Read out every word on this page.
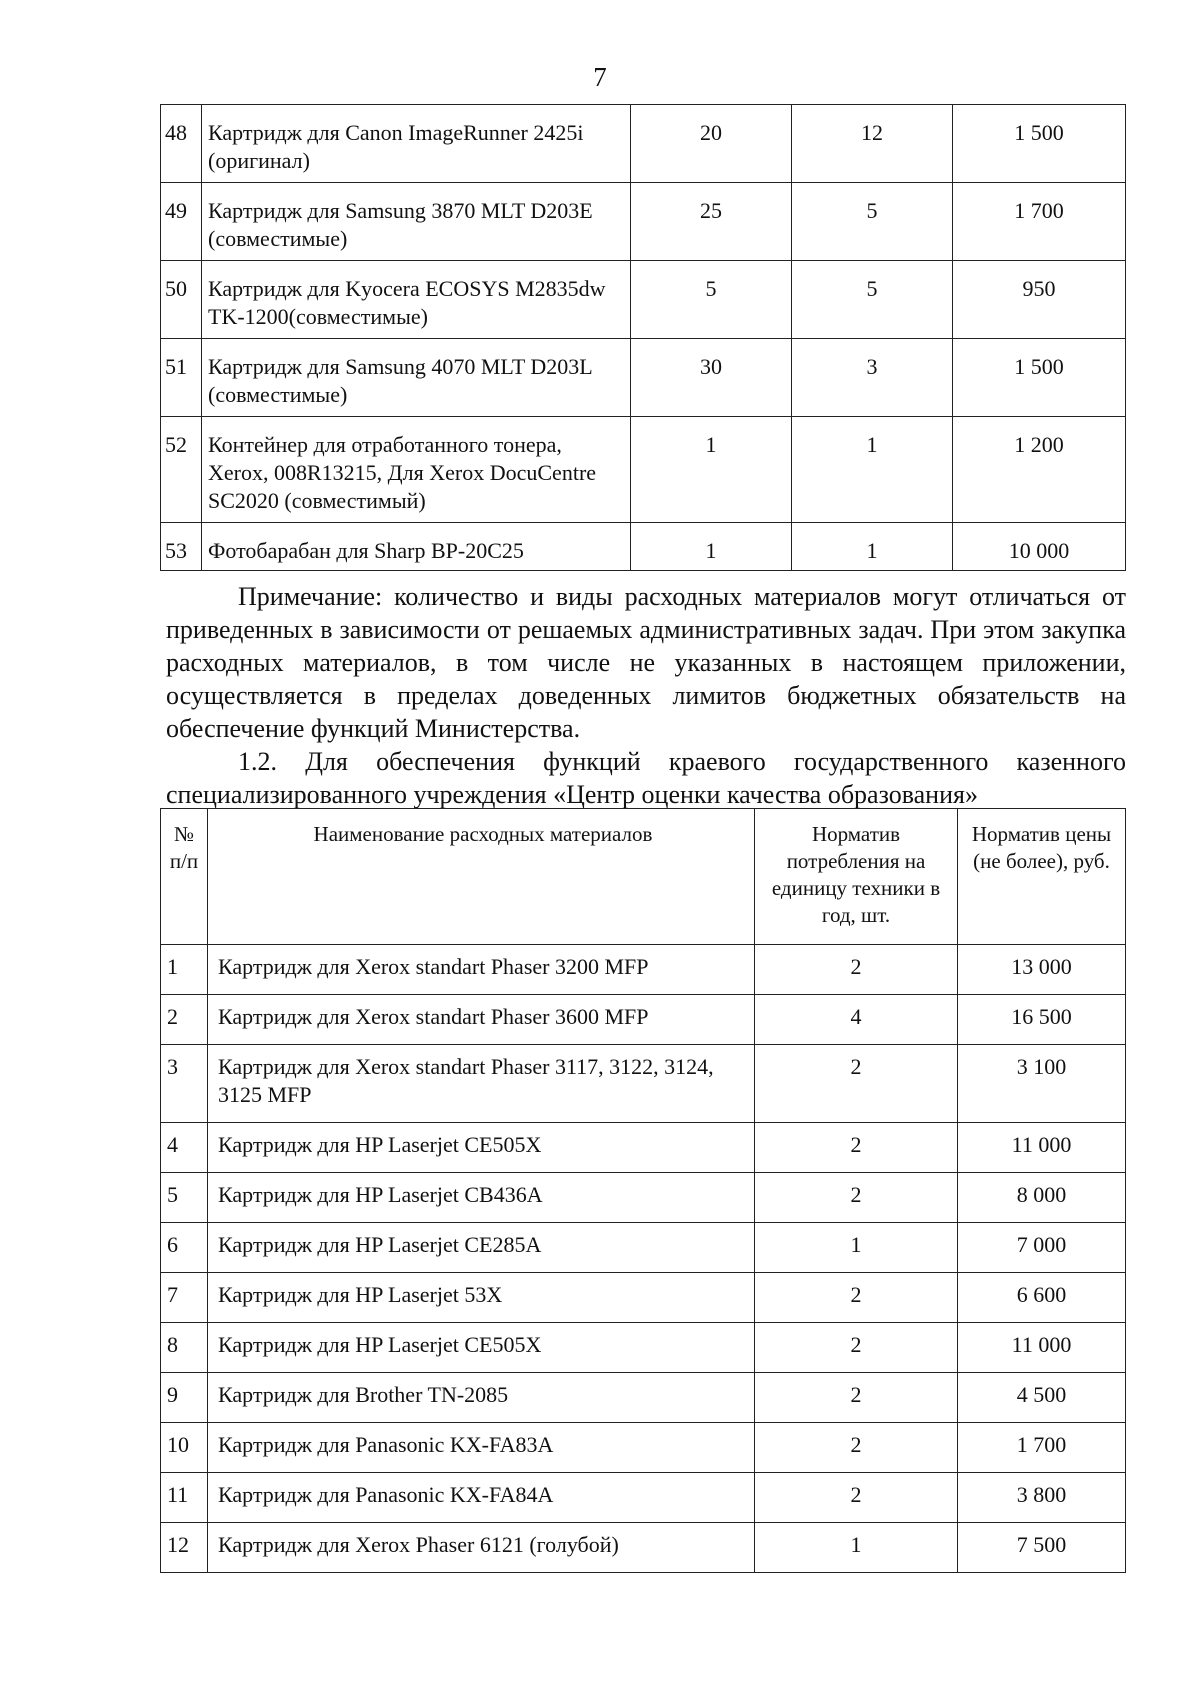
7
48	Картридж для Canon ImageRunner 2425i (оригинал)	20	12	1 500
49	Картридж для Samsung 3870 MLT D203E (совместимые)	25	5	1 700
50	Картридж для Kyocera ECOSYS M2835dw TK-1200(совместимые)	5	5	950
51	Картридж для Samsung 4070 MLT D203L (совместимые)	30	3	1 500
52	Контейнер для отработанного тонера, Xerox, 008R13215, Для Xerox DocuCentre SC2020 (совместимый)	1	1	1 200
53	Фотобарабан для Sharp BP-20C25	1	1	10 000

Примечание: количество и виды расходных материалов могут отличаться от приведенных в зависимости от решаемых административных задач. При этом закупка расходных материалов, в том числе не указанных в настоящем приложении, осуществляется в пределах доведенных лимитов бюджетных обязательств на обеспечение функций Министерства.

1.2. Для обеспечения функций краевого государственного казенного специализированного учреждения «Центр оценки качества образования»

№ п/п	Наименование расходных материалов	Норматив потребления на единицу техники в год, шт.	Норматив цены (не более), руб.
1	Картридж для Xerox standart Phaser 3200 MFP	2	13 000
2	Картридж для Xerox standart Phaser 3600 MFP	4	16 500
3	Картридж для Xerox standart Phaser 3117, 3122, 3124, 3125 MFP	2	3 100
4	Картридж для HP Laserjet CE505X	2	11 000
5	Картридж для HP Laserjet CB436A	2	8 000
6	Картридж для HP Laserjet CE285A	1	7 000
7	Картридж для HP Laserjet 53X	2	6 600
8	Картридж для HP Laserjet CE505X	2	11 000
9	Картридж для Brother TN-2085	2	4 500
10	Картридж для Panasonic KX-FA83A	2	1 700
11	Картридж для Panasonic KX-FA84A	2	3 800
12	Картридж для Xerox Phaser 6121 (голубой)	1	7 500
